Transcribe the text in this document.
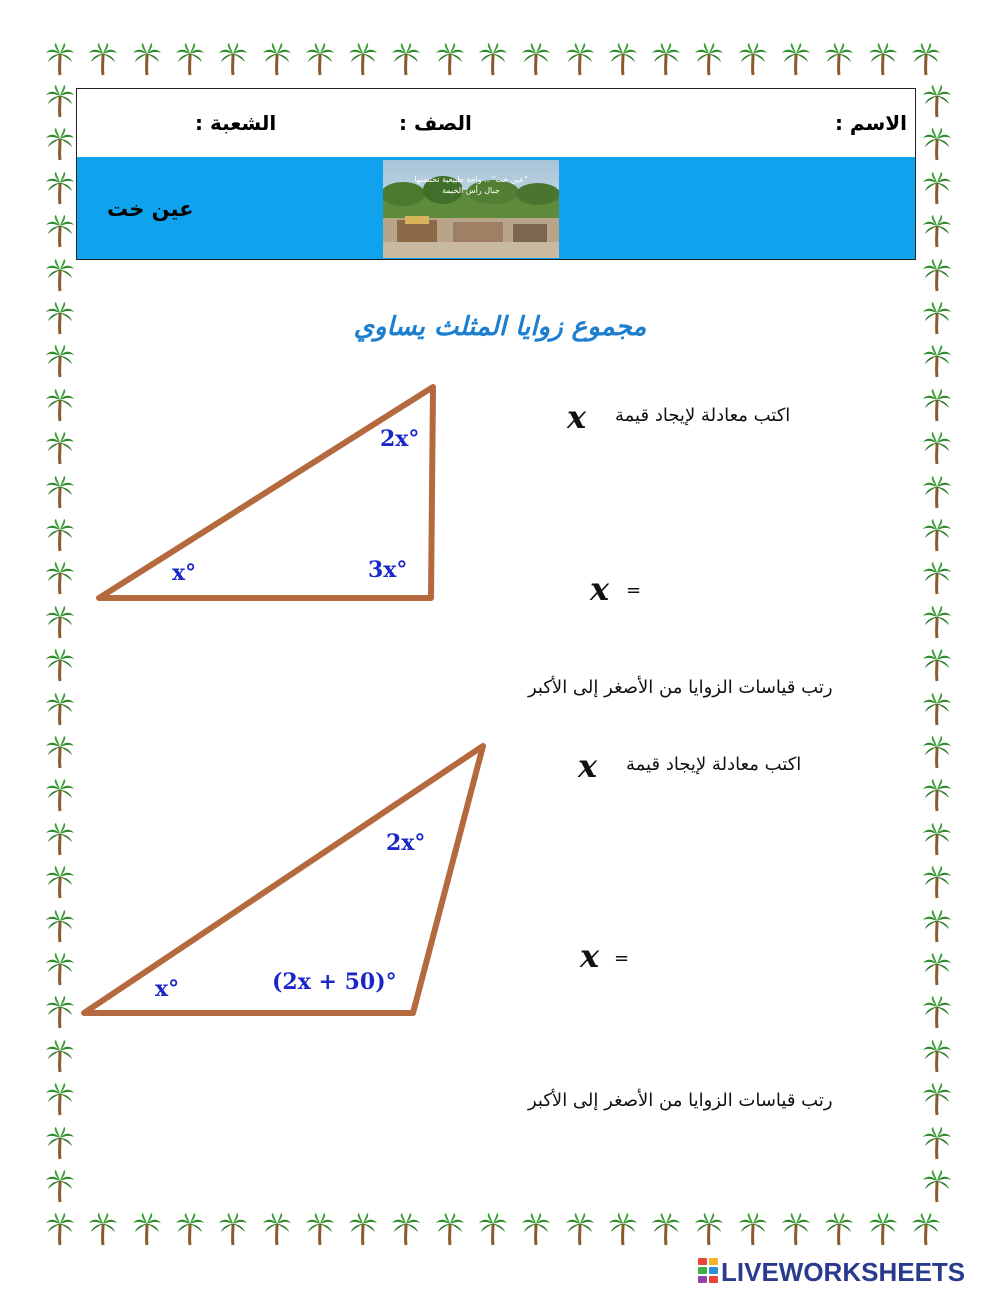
الاسم :
الصف :
الشعبة :
عين خت
"عين خت" .. واحة طبيعية تحتضنها
جبال رأس الخيمة
مجموع زوايا المثلث يساوي
x°	3x°
2x°
x°	(2x + 50)°
2x°
اكتب معادلة لإيجاد قيمة
x
x =
رتب قياسات الزوايا من الأصغر إلى الأكبر
اكتب معادلة لإيجاد قيمة
x
x =
رتب قياسات الزوايا من الأصغر إلى الأكبر
LIVEWORKSHEETS
